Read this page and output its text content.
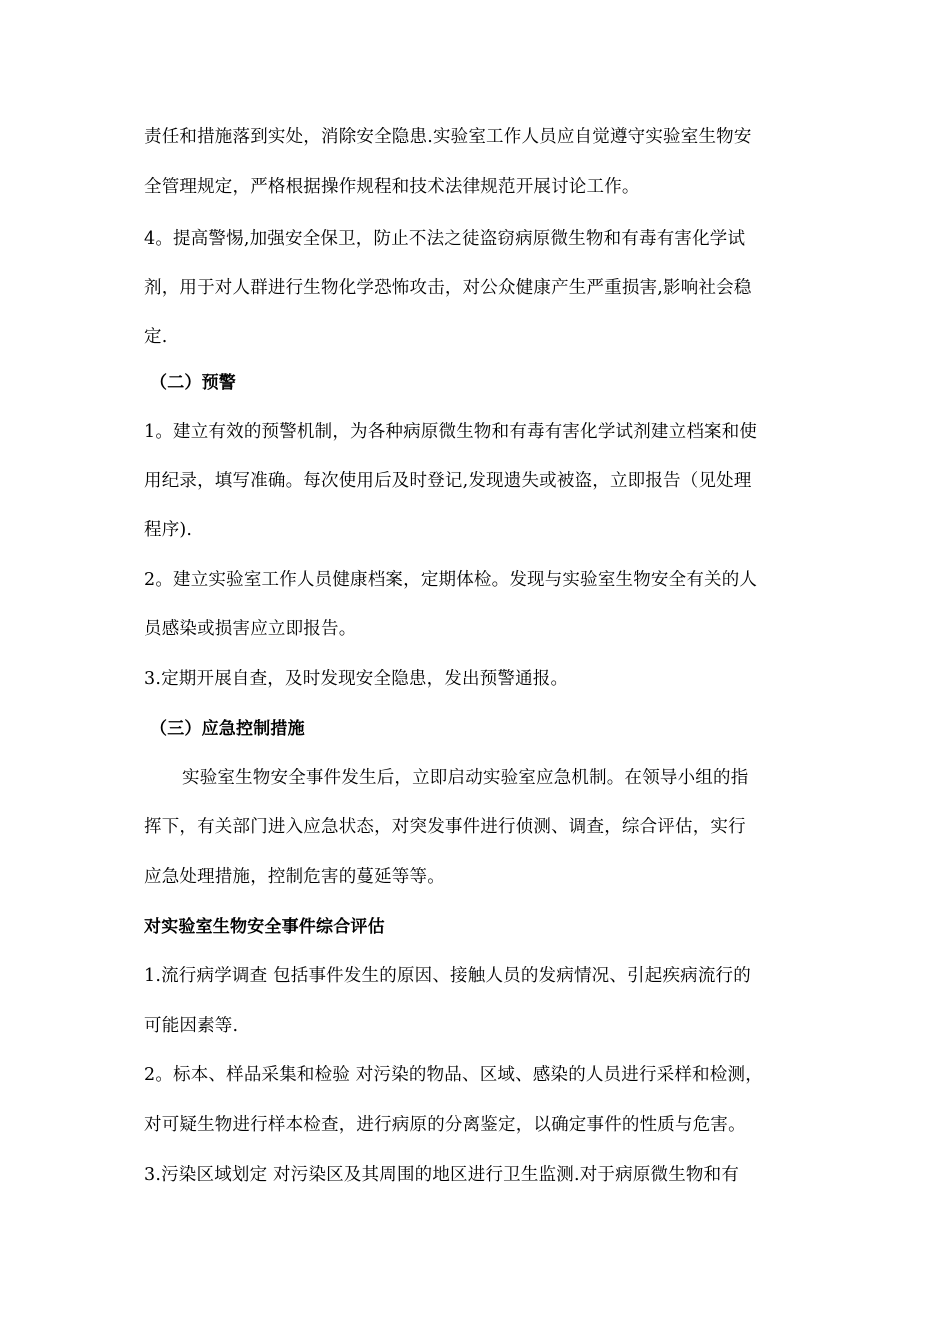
责任和措施落到实处，消除安全隐患.实验室工作人员应自觉遵守实验室生物安
全管理规定，严格根据操作规程和技术法律规范开展讨论工作。
4。提高警惕,加强安全保卫，防止不法之徒盗窃病原微生物和有毒有害化学试
剂，用于对人群进行生物化学恐怖攻击，对公众健康产生严重损害,影响社会稳
定.
（二）预警
1。建立有效的预警机制，为各种病原微生物和有毒有害化学试剂建立档案和使
用纪录，填写准确。每次使用后及时登记,发现遗失或被盗，立即报告（见处理
程序).
2。建立实验室工作人员健康档案，定期体检。发现与实验室生物安全有关的人
员感染或损害应立即报告。
3.定期开展自查，及时发现安全隐患，发出预警通报。
（三）应急控制措施
实验室生物安全事件发生后，立即启动实验室应急机制。在领导小组的指
挥下，有关部门进入应急状态，对突发事件进行侦测、调查，综合评估，实行
应急处理措施，控制危害的蔓延等等。
对实验室生物安全事件综合评估
1.流行病学调查 包括事件发生的原因、接触人员的发病情况、引起疾病流行的
可能因素等.
2。标本、样品采集和检验 对污染的物品、区域、感染的人员进行采样和检测，
对可疑生物进行样本检查，进行病原的分离鉴定，以确定事件的性质与危害。
3.污染区域划定 对污染区及其周围的地区进行卫生监测.对于病原微生物和有
